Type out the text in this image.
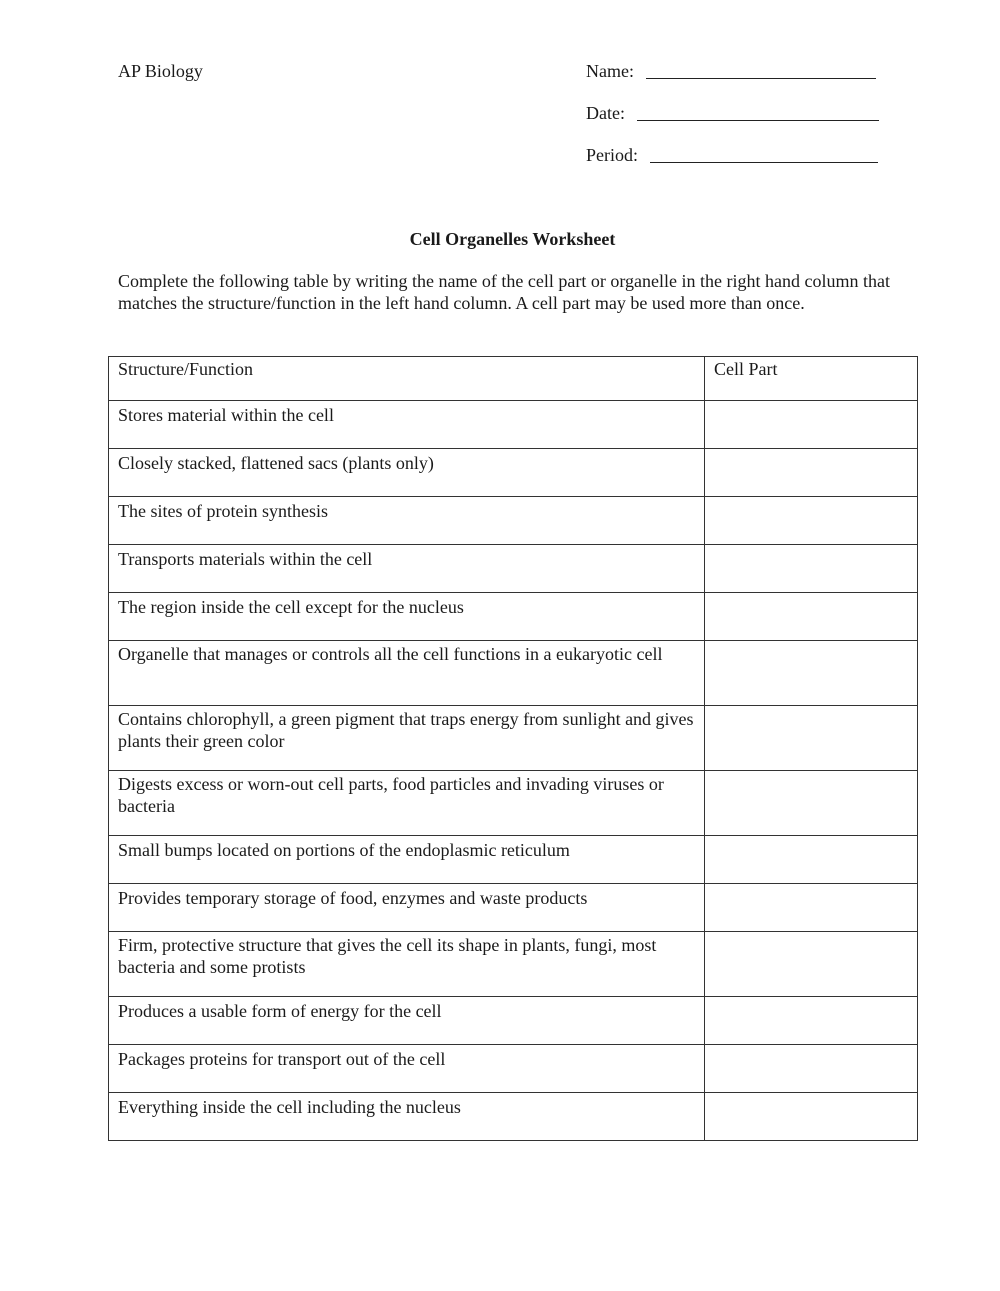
AP Biology	Name:
Date:
Period:
Cell Organelles Worksheet
Complete the following table by writing the name of the cell part or organelle in the right hand column that matches the structure/function in the left hand column. A cell part may be used more than once.
Structure/Function	Cell Part
Stores material within the cell	
Closely stacked, flattened sacs (plants only)	
The sites of protein synthesis	
Transports materials within the cell	
The region inside the cell except for the nucleus	
Organelle that manages or controls all the cell functions in a eukaryotic cell	
Contains chlorophyll, a green pigment that traps energy from sunlight and gives plants their green color	
Digests excess or worn-out cell parts, food particles and invading viruses or bacteria	
Small bumps located on portions of the endoplasmic reticulum	
Provides temporary storage of food, enzymes and waste products	
Firm, protective structure that gives the cell its shape in plants, fungi, most bacteria and some protists	
Produces a usable form of energy for the cell	
Packages proteins for transport out of the cell	
Everything inside the cell including the nucleus	
